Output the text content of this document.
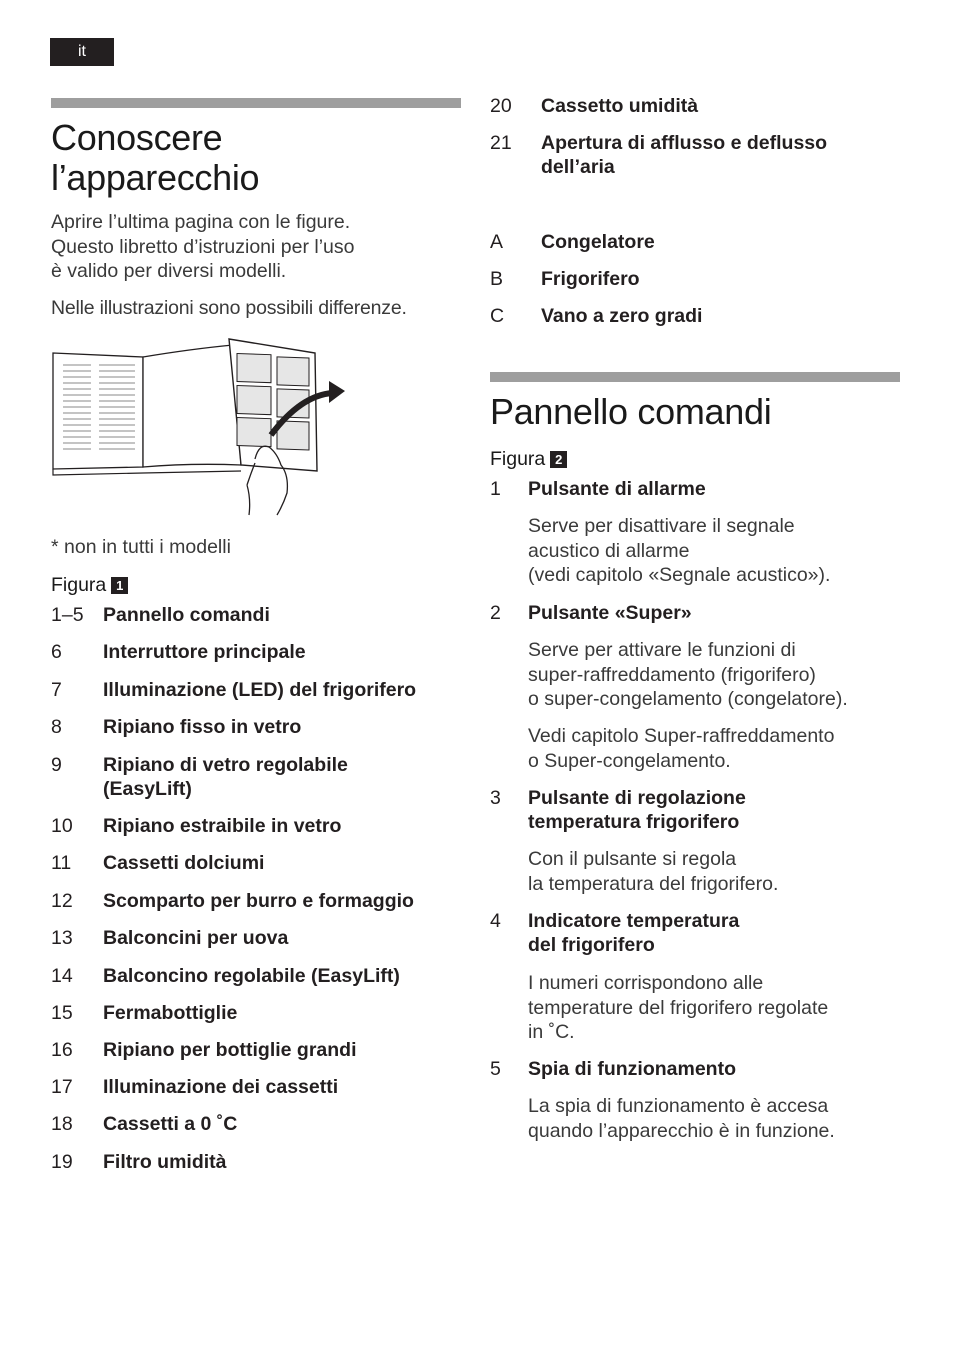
it
Conoscere
l’apparecchio
Aprire l’ultima pagina con le figure.
Questo libretto d’istruzioni per l’uso
è valido per diversi modelli.
Nelle illustrazioni sono possibili differenze.
* non in tutti i modelli
Figura 1
1–5 Pannello comandi
6	Interruttore principale
7	Illuminazione (LED) del frigorifero
8	Ripiano fisso in vetro
9	Ripiano di vetro regolabile
(EasyLift)
10	Ripiano estraibile in vetro
11	Cassetti dolciumi
12	Scomparto per burro e formaggio
13	Balconcini per uova
14	Balconcino regolabile (EasyLift)
15	Fermabottiglie
16	Ripiano per bottiglie grandi
17	Illuminazione dei cassetti
18	Cassetti a 0 ˚C
19	Filtro umidità
20	Cassetto umidità
21	Apertura di afflusso e deflusso
dell’aria
A	Congelatore
B	Frigorifero
C	Vano a zero gradi
Pannello comandi
Figura 2
1	Pulsante di allarme
Serve per disattivare il segnale
acustico di allarme
(vedi capitolo «Segnale acustico»).
2	Pulsante «Super»
Serve per attivare le funzioni di
super-raffreddamento (frigorifero)
o super-congelamento (congelatore).
Vedi capitolo Super-raffreddamento
o Super-congelamento.
3	Pulsante di regolazione
temperatura frigorifero
Con il pulsante si regola
la temperatura del frigorifero.
4	Indicatore temperatura
del frigorifero
I numeri corrispondono alle
temperature del frigorifero regolate
in ˚C.
5	Spia di funzionamento
La spia di funzionamento è accesa
quando l’apparecchio è in funzione.
